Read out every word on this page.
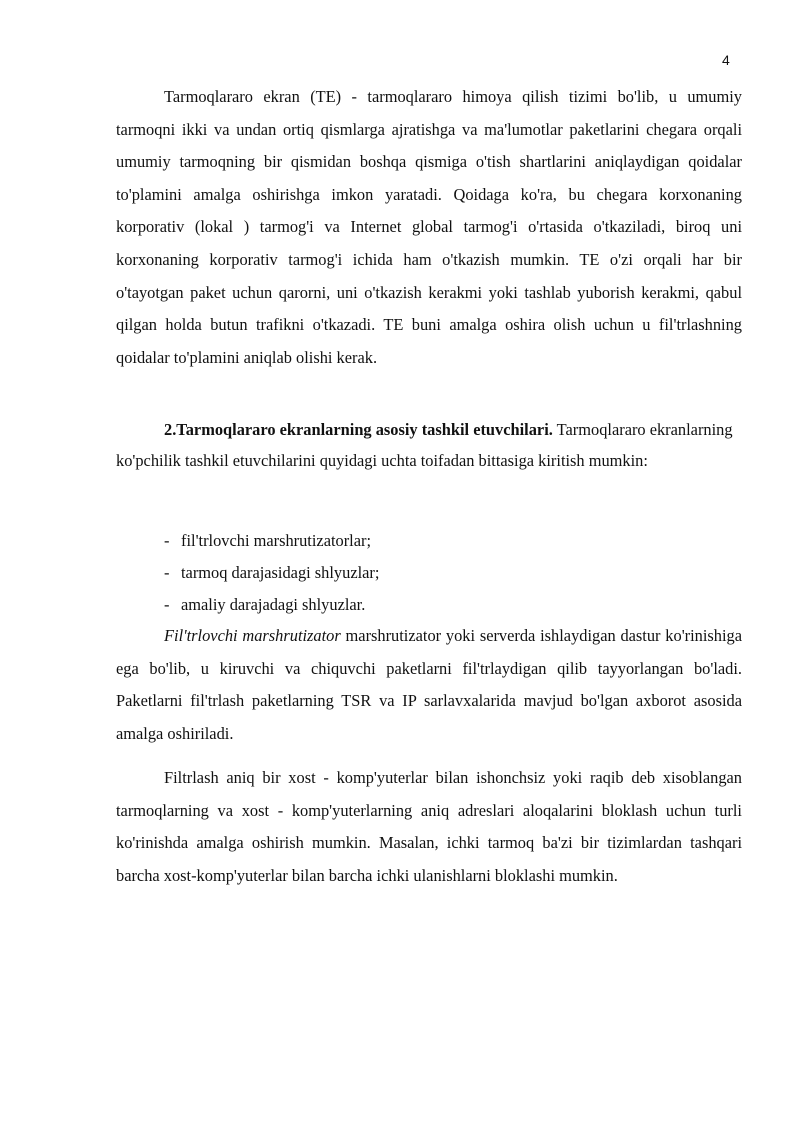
4

Tarmoqlararo ekran (TE) - tarmoqlararo himoya qilish tizimi bo'lib, u umumiy tarmoqni ikki va undan ortiq qismlarga ajratishga va ma'lumotlar paketlarini chegara orqali umumiy tarmoqning bir qismidan boshqa qismiga o'tish shartlarini aniqlaydigan qoidalar to'plamini amalga oshirishga imkon yaratadi. Qoidaga ko'ra, bu chegara korxonaning korporativ (lokal ) tarmog'i va Internet global tarmog'i o'rtasida o'tkaziladi, biroq uni korxonaning korporativ tarmog'i ichida ham o'tkazish mumkin. TE o'zi orqali har bir o'tayotgan paket uchun qarorni, uni o'tkazish kerakmi yoki tashlab yuborish kerakmi, qabul qilgan holda butun trafikni o'tkazadi. TE buni amalga oshira olish uchun u fil'trlashning qoidalar to'plamini aniqlab olishi kerak.

2.Tarmoqlararo ekranlarning asosiy tashkil etuvchilari. Tarmoqlararo ekranlarning ko'pchilik tashkil etuvchilarini quyidagi uchta toifadan bittasiga kiritish mumkin:

- fil'trlovchi marshrutizatorlar;
- tarmoq darajasidagi shlyuzlar;
- amaliy darajadagi shlyuzlar.

Fil'trlovchi marshrutizator marshrutizator yoki serverda ishlaydigan dastur ko'rinishiga ega bo'lib, u kiruvchi va chiquvchi paketlarni fil'trlaydigan qilib tayyorlangan bo'ladi. Paketlarni fil'trlash paketlarning TSR va IP sarlavxalarida mavjud bo'lgan axborot asosida amalga oshiriladi.

Filtrlash aniq bir xost - komp'yuterlar bilan ishonchsiz yoki raqib deb xisoblangan tarmoqlarning va xost - komp'yuterlarning aniq adreslari aloqalarini bloklash uchun turli ko'rinishda amalga oshirish mumkin. Masalan, ichki tarmoq ba'zi bir tizimlardan tashqari barcha xost-komp'yuterlar bilan barcha ichki ulanishlarni bloklashi mumkin.
